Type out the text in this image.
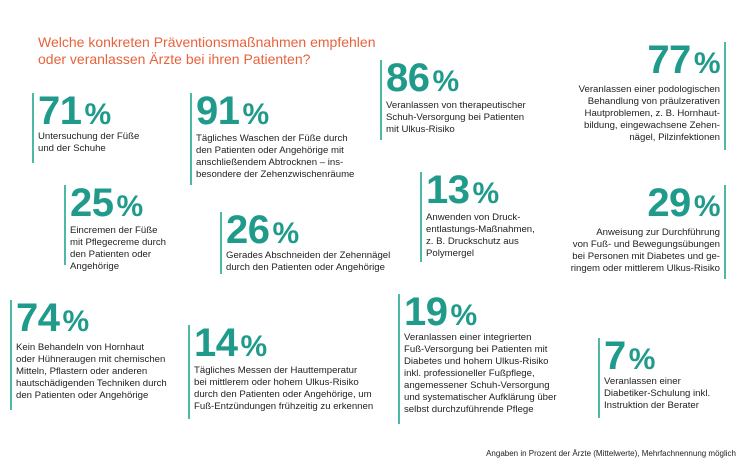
Welche konkreten Präventionsmaßnahmen empfehlen
oder veranlassen Ärzte bei ihren Patienten?
71 %
Untersuchung der Füße
und der Schuhe
91 %
Tägliches Waschen der Füße durch
den Patienten oder Angehörige mit
anschließendem Abtrocknen – ins-
besondere der Zehenzwischenräume
86 %
Veranlassen von therapeutischer
Schuh-Versorgung bei Patienten
mit Ulkus-Risiko
77 %
Veranlassen einer podologischen
Behandlung von präulzerativen
Hautproblemen, z. B. Hornhaut-
bildung, eingewachsene Zehen-
nägel, Pilzinfektionen
25 %
Eincremen der Füße
mit Pflegecreme durch
den Patienten oder
Angehörige
26 %
Gerades Abschneiden der Zehennägel
durch den Patienten oder Angehörige
13 %
Anwenden von Druck-
entlastungs-Maßnahmen,
z. B. Druckschutz aus
Polymergel
29 %
Anweisung zur Durchführung
von Fuß- und Bewegungsübungen
bei Personen mit Diabetes und ge-
ringem oder mittlerem Ulkus-Risiko
74 %
Kein Behandeln von Hornhaut
oder Hühneraugen mit chemischen
Mitteln, Pflastern oder anderen
hautschädigenden Techniken durch
den Patienten oder Angehörige
14 %
Tägliches Messen der Hauttemperatur
bei mittlerem oder hohem Ulkus-Risiko
durch den Patienten oder Angehörige, um
Fuß-Entzündungen frühzeitig zu erkennen
19 %
Veranlassen einer integrierten
Fuß-Versorgung bei Patienten mit
Diabetes und hohem Ulkus-Risiko
inkl. professioneller Fußpflege,
angemessener Schuh-Versorgung
und systematischer Aufklärung über
selbst durchzuführende Pflege
7 %
Veranlassen einer
Diabetiker-Schulung inkl.
Instruktion der Berater
Angaben in Prozent der Ärzte (Mittelwerte), Mehrfachnennung möglich
